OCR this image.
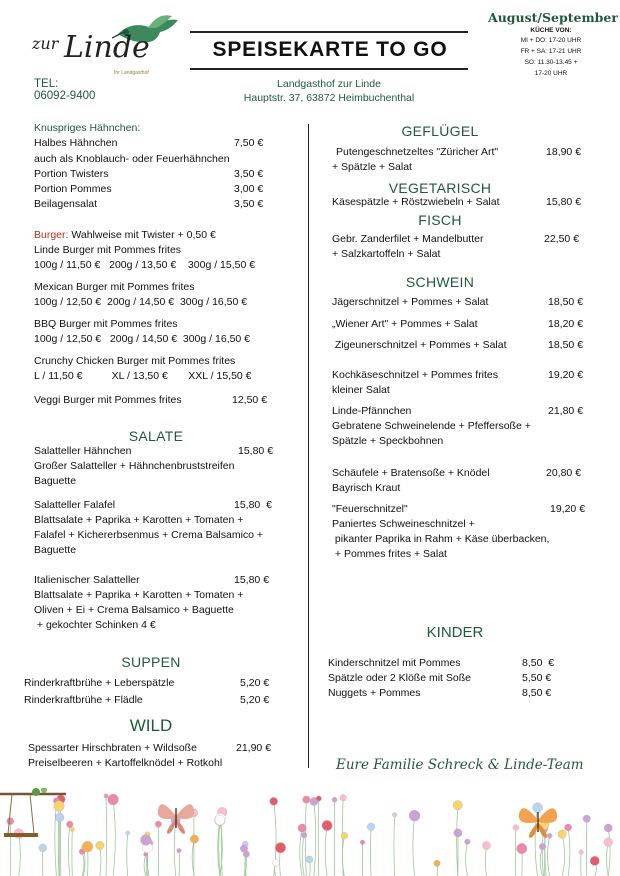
zur Linde
Ihr Landgasthof
TEL:
06092-9400
SPEISEKARTE TO GO
Landgasthof zur Linde
Hauptstr. 37, 63872 Heimbuchenthal
August/September
KÜCHE VON:
MI + DO: 17-20 UHR
FR + SA: 17-21 UHR
SO: 11.30-13.45 +
17-20 UHR
Knuspriges Hähnchen:
Halbes Hähnchen	7,50 €
auch als Knoblauch- oder Feuerhähnchen
Portion Twisters	3,50 €
Portion Pommes	3,00 €
Beilagensalat	3,50 €
Burger: Wahlweise mit Twister + 0,50 €
Linde Burger mit Pommes frites
100g / 11,50 €   200g / 13,50 €    300g / 15,50 €
Mexican Burger mit Pommes frites
100g / 12,50 €  200g / 14,50 €  300g / 16,50 €
BBQ Burger mit Pommes frites
100g / 12,50 €   200g / 14,50 €  300g / 16,50 €
Crunchy Chicken Burger mit Pommes frites
L / 11,50 €          XL / 13,50 €       XXL / 15,50 €
Veggi Burger mit Pommes frites	12,50 €
SALATE
Salatteller Hähnchen	15,80 €
Großer Salatteller + Hähnchenbruststreifen
Baguette
Salatteller Falafel	15,80  €
Blattsalate + Paprika + Karotten + Tomaten +
Falafel + Kichererbsenmus + Crema Balsamico +
Baguette
Italienischer Salatteller	15,80 €
Blattsalate + Paprika + Karotten + Tomaten +
Oliven + Ei + Crema Balsamico + Baguette
+ gekochter Schinken 4 €
SUPPEN
Rinderkraftbrühe + Leberspätzle	5,20 €
Rinderkraftbrühe + Flädle	5,20 €
WILD
Spessarter Hirschbraten + Wildsoße	21,90 €
Preiselbeeren + Kartoffelknödel + Rotkohl
GEFLÜGEL
Putengeschnetzeltes "Züricher Art"	18,90 €
+ Spätzle + Salat
VEGETARISCH
Käsespätzle + Röstzwiebeln + Salat	15,80 €
FISCH
Gebr. Zanderfilet + Mandelbutter	22,50 €
+ Salzkartoffeln + Salat
SCHWEIN
Jägerschnitzel + Pommes + Salat	18,50 €
„Wiener Art" + Pommes + Salat	18,20 €
Zigeunerschnitzel + Pommes + Salat	18,50 €
Kochkäseschnitzel + Pommes frites	19,20 €
kleiner Salat
Linde-Pfännchen	21,80 €
Gebratene Schweinelende + Pfeffersoße +
Spätzle + Speckbohnen
Schäufele + Bratensoße + Knödel	20,80 €
Bayrisch Kraut
"Feuerschnitzel"	19,20 €
Paniertes Schweineschnitzel +
pikanter Paprika in Rahm + Käse überbacken,
+ Pommes frites + Salat
KINDER
Kinderschnitzel mit Pommes	8,50  €
Spätzle oder 2 Klöße mit Soße	5,50 €
Nuggets + Pommes	8,50 €
Eure Familie Schreck & Linde-Team
